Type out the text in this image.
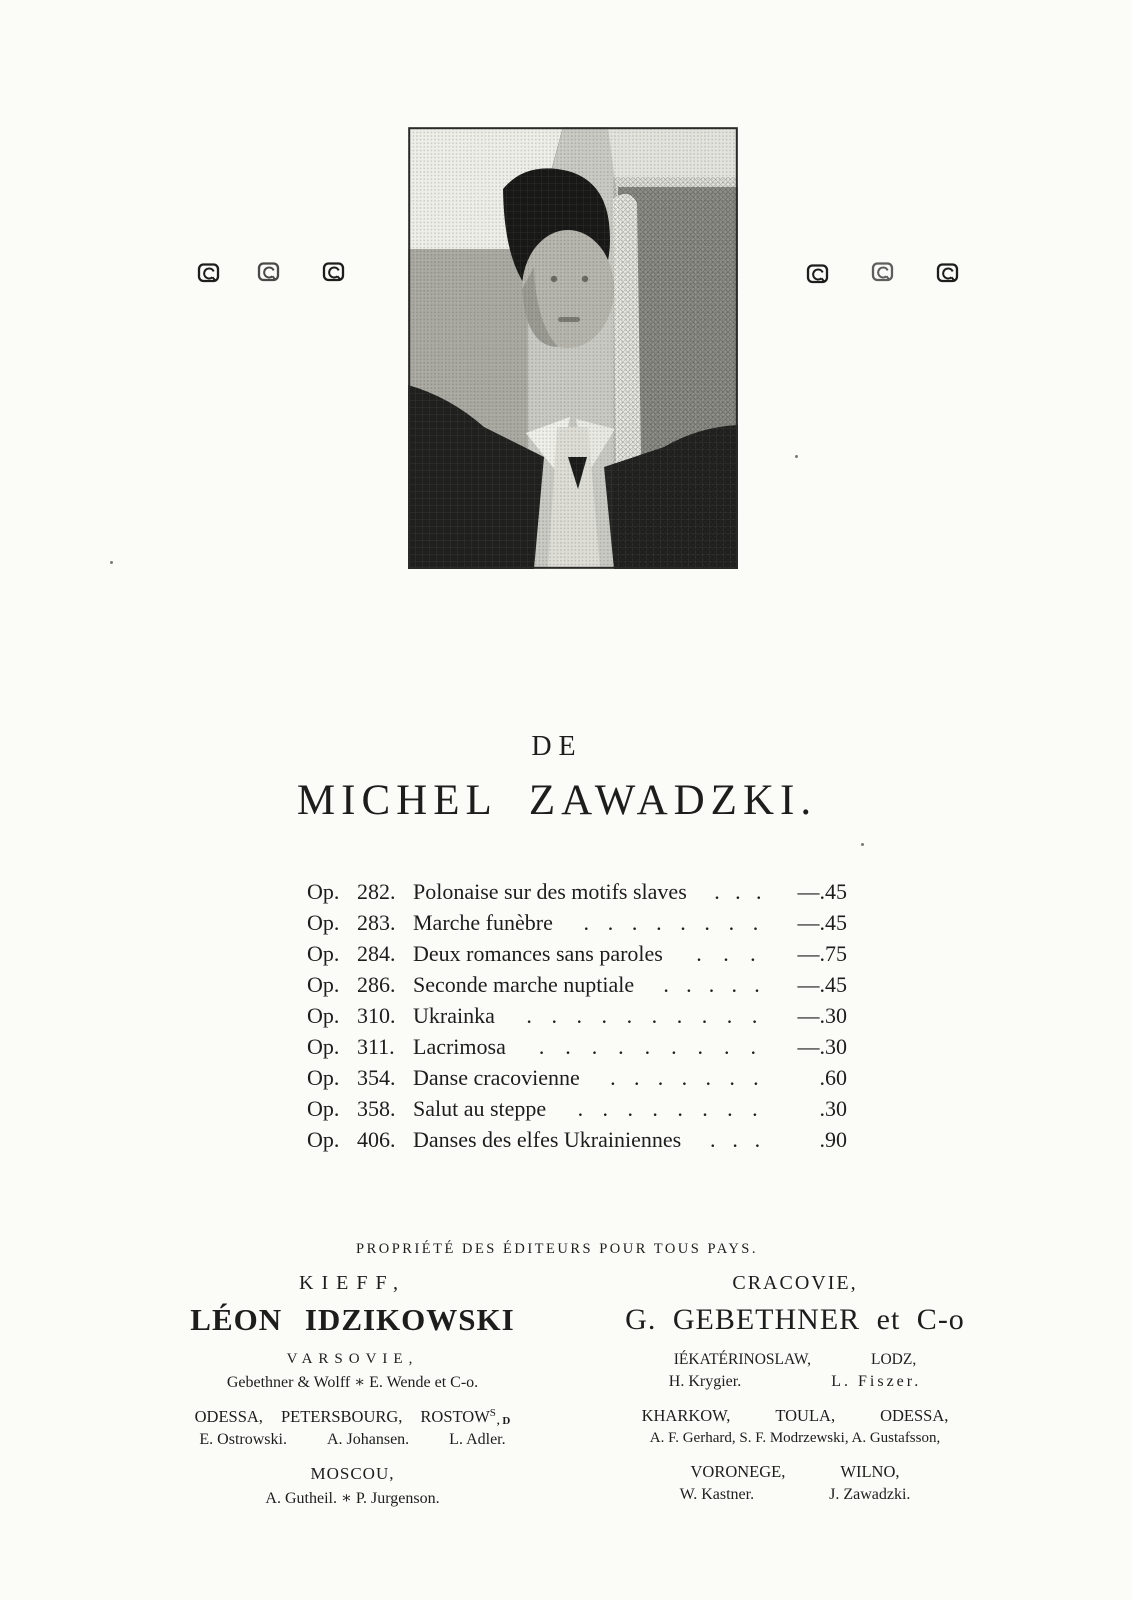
DE
MICHEL ZAWADZKI.
Op. 282. Polonaise sur des motifs slaves . . .	—.45
Op. 283. Marche funèbre . . . . . . . .	—.45
Op. 284. Deux romances sans paroles . . .	—.75
Op. 286. Seconde marche nuptiale . . . . .	—.45
Op. 310. Ukrainka . . . . . . . . . .	—.30
Op. 311. Lacrimosa . . . . . . . . .	—.30
Op. 354. Danse cracovienne . . . . . . .	.60
Op. 358. Salut au steppe . . . . . . . .	.30
Op. 406. Danses des elfes Ukrainiennes . . .	.90
PROPRIÉTÉ DES ÉDITEURS POUR TOUS PAYS.
KIEFF,
LÉON IDZIKOWSKI
VARSOVIE,
Gebethner & Wolff ∗ E. Wende et C-o.
ODESSA, PETERSBOURG, $ROSTOW^S_{, D}$
E. Ostrowski.	A. Johansen.	L. Adler.
MOSCOU,
A. Gutheil. ∗ P. Jurgenson.
CRACOVIE,
G. GEBETHNER et C-o
IÉKATÉRINOSLAW,	LODZ,
H. Krygier.	L. Fiszer.
KHARKOW,	TOULA,	ODESSA,
A. F. Gerhard, S. F. Modrzewski, A. Gustafsson,
VORONEGE,	WILNO,
W. Kastner.	J. Zawadzki.
